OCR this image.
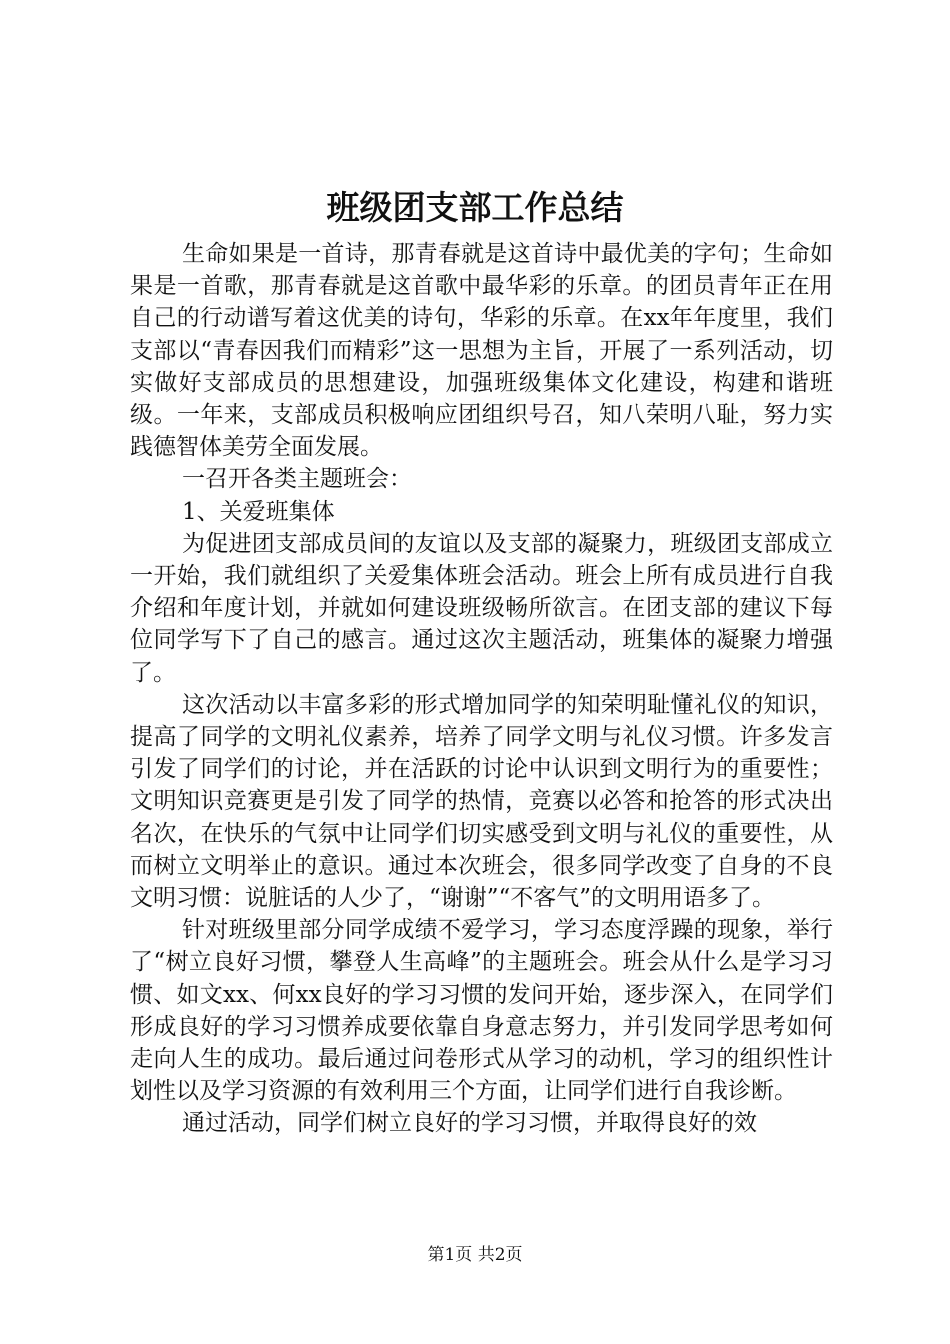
班级团支部工作总结

生命如果是一首诗，那青春就是这首诗中最优美的字句；生命如果是一首歌，那青春就是这首歌中最华彩的乐章。的团员青年正在用自己的行动谱写着这优美的诗句，华彩的乐章。在xx年年度里，我们支部以“青春因我们而精彩”这一思想为主旨，开展了一系列活动，切实做好支部成员的思想建设，加强班级集体文化建设，构建和谐班级。一年来，支部成员积极响应团组织号召，知八荣明八耻，努力实践德智体美劳全面发展。

一召开各类主题班会：

1、关爱班集体

为促进团支部成员间的友谊以及支部的凝聚力，班级团支部成立一开始，我们就组织了关爱集体班会活动。班会上所有成员进行自我介绍和年度计划，并就如何建设班级畅所欲言。在团支部的建议下每位同学写下了自己的感言。通过这次主题活动，班集体的凝聚力增强了。

这次活动以丰富多彩的形式增加同学的知荣明耻懂礼仪的知识，提高了同学的文明礼仪素养，培养了同学文明与礼仪习惯。许多发言引发了同学们的讨论，并在活跃的讨论中认识到文明行为的重要性；文明知识竞赛更是引发了同学的热情，竞赛以必答和抢答的形式决出名次，在快乐的气氛中让同学们切实感受到文明与礼仪的重要性，从而树立文明举止的意识。通过本次班会，很多同学改变了自身的不良文明习惯：说脏话的人少了，“谢谢”“不客气”的文明用语多了。

针对班级里部分同学成绩不爱学习，学习态度浮躁的现象，举行了“树立良好习惯，攀登人生高峰”的主题班会。班会从什么是学习习惯、如文xx、何xx良好的学习习惯的发问开始，逐步深入，在同学们形成良好的学习习惯养成要依靠自身意志努力，并引发同学思考如何走向人生的成功。最后通过问卷形式从学习的动机，学习的组织性计划性以及学习资源的有效利用三个方面，让同学们进行自我诊断。

通过活动，同学们树立良好的学习习惯，并取得良好的效

第1页 共2页
